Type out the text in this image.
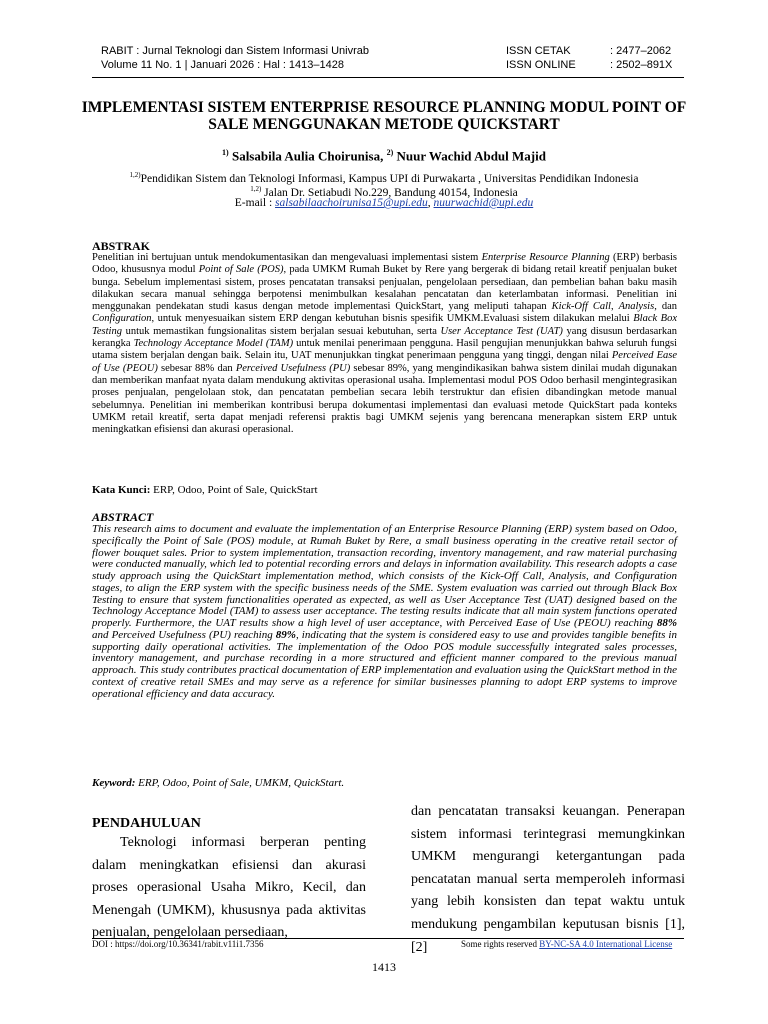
RABIT : Jurnal Teknologi dan Sistem Informasi Univrab
Volume 11 No. 1 | Januari 2026 : Hal : 1413–1428
ISSN CETAK	: 2477–2062
ISSN ONLINE	: 2502–891X
IMPLEMENTASI SISTEM ENTERPRISE RESOURCE PLANNING MODUL POINT OF SALE MENGGUNAKAN METODE QUICKSTART
$^{1)}$ Salsabila Aulia Choirunisa, $^{2)}$ Nuur Wachid Abdul Majid
$^{1,2)}$Pendidikan Sistem dan Teknologi Informasi, Kampus UPI di Purwakarta , Universitas Pendidikan Indonesia
$^{1,2)}$ Jalan Dr. Setiabudi No.229, Bandung 40154, Indonesia
E-mail : salsabilaachoirunisa15@upi.edu, nuurwachid@upi.edu
ABSTRAK
Penelitian ini bertujuan untuk mendokumentasikan dan mengevaluasi implementasi sistem Enterprise Resource Planning (ERP) berbasis Odoo, khususnya modul Point of Sale (POS), pada UMKM Rumah Buket by Rere yang bergerak di bidang retail kreatif penjualan buket bunga. Sebelum implementasi sistem, proses pencatatan transaksi penjualan, pengelolaan persediaan, dan pembelian bahan baku masih dilakukan secara manual sehingga berpotensi menimbulkan kesalahan pencatatan dan keterlambatan informasi. Penelitian ini menggunakan pendekatan studi kasus dengan metode implementasi QuickStart, yang meliputi tahapan Kick-Off Call, Analysis, dan Configuration, untuk menyesuaikan sistem ERP dengan kebutuhan bisnis spesifik UMKM.Evaluasi sistem dilakukan melalui Black Box Testing untuk memastikan fungsionalitas sistem berjalan sesuai kebutuhan, serta User Acceptance Test (UAT) yang disusun berdasarkan kerangka Technology Acceptance Model (TAM) untuk menilai penerimaan pengguna. Hasil pengujian menunjukkan bahwa seluruh fungsi utama sistem berjalan dengan baik. Selain itu, UAT menunjukkan tingkat penerimaan pengguna yang tinggi, dengan nilai Perceived Ease of Use (PEOU) sebesar 88% dan Perceived Usefulness (PU) sebesar 89%, yang mengindikasikan bahwa sistem dinilai mudah digunakan dan memberikan manfaat nyata dalam mendukung aktivitas operasional usaha. Implementasi modul POS Odoo berhasil mengintegrasikan proses penjualan, pengelolaan stok, dan pencatatan pembelian secara lebih terstruktur dan efisien dibandingkan metode manual sebelumnya. Penelitian ini memberikan kontribusi berupa dokumentasi implementasi dan evaluasi metode QuickStart pada konteks UMKM retail kreatif, serta dapat menjadi referensi praktis bagi UMKM sejenis yang berencana menerapkan sistem ERP untuk meningkatkan efisiensi dan akurasi operasional.
Kata Kunci: ERP, Odoo, Point of Sale, QuickStart
ABSTRACT
This research aims to document and evaluate the implementation of an Enterprise Resource Planning (ERP) system based on Odoo, specifically the Point of Sale (POS) module, at Rumah Buket by Rere, a small business operating in the creative retail sector of flower bouquet sales. Prior to system implementation, transaction recording, inventory management, and raw material purchasing were conducted manually, which led to potential recording errors and delays in information availability. This research adopts a case study approach using the QuickStart implementation method, which consists of the Kick-Off Call, Analysis, and Configuration stages, to align the ERP system with the specific business needs of the SME. System evaluation was carried out through Black Box Testing to ensure that system functionalities operated as expected, as well as User Acceptance Test (UAT) designed based on the Technology Acceptance Model (TAM) to assess user acceptance. The testing results indicate that all main system functions operated properly. Furthermore, the UAT results show a high level of user acceptance, with Perceived Ease of Use (PEOU) reaching 88% and Perceived Usefulness (PU) reaching 89%, indicating that the system is considered easy to use and provides tangible benefits in supporting daily operational activities. The implementation of the Odoo POS module successfully integrated sales processes, inventory management, and purchase recording in a more structured and efficient manner compared to the previous manual approach. This study contributes practical documentation of ERP implementation and evaluation using the QuickStart method in the context of creative retail SMEs and may serve as a reference for similar businesses planning to adopt ERP systems to improve operational efficiency and data accuracy.
Keyword: ERP, Odoo, Point of Sale, UMKM, QuickStart.
PENDAHULUAN
Teknologi informasi berperan penting dalam meningkatkan efisiensi dan akurasi proses operasional Usaha Mikro, Kecil, dan Menengah (UMKM), khususnya pada aktivitas penjualan, pengelolaan persediaan,
dan pencatatan transaksi keuangan. Penerapan sistem informasi terintegrasi memungkinkan UMKM mengurangi ketergantungan pada pencatatan manual serta memperoleh informasi yang lebih konsisten dan tepat waktu untuk mendukung pengambilan keputusan bisnis [1], [2]
DOI : https://doi.org/10.36341/rabit.v11i1.7356	Some rights reserved BY-NC-SA 4.0 International License
1413
